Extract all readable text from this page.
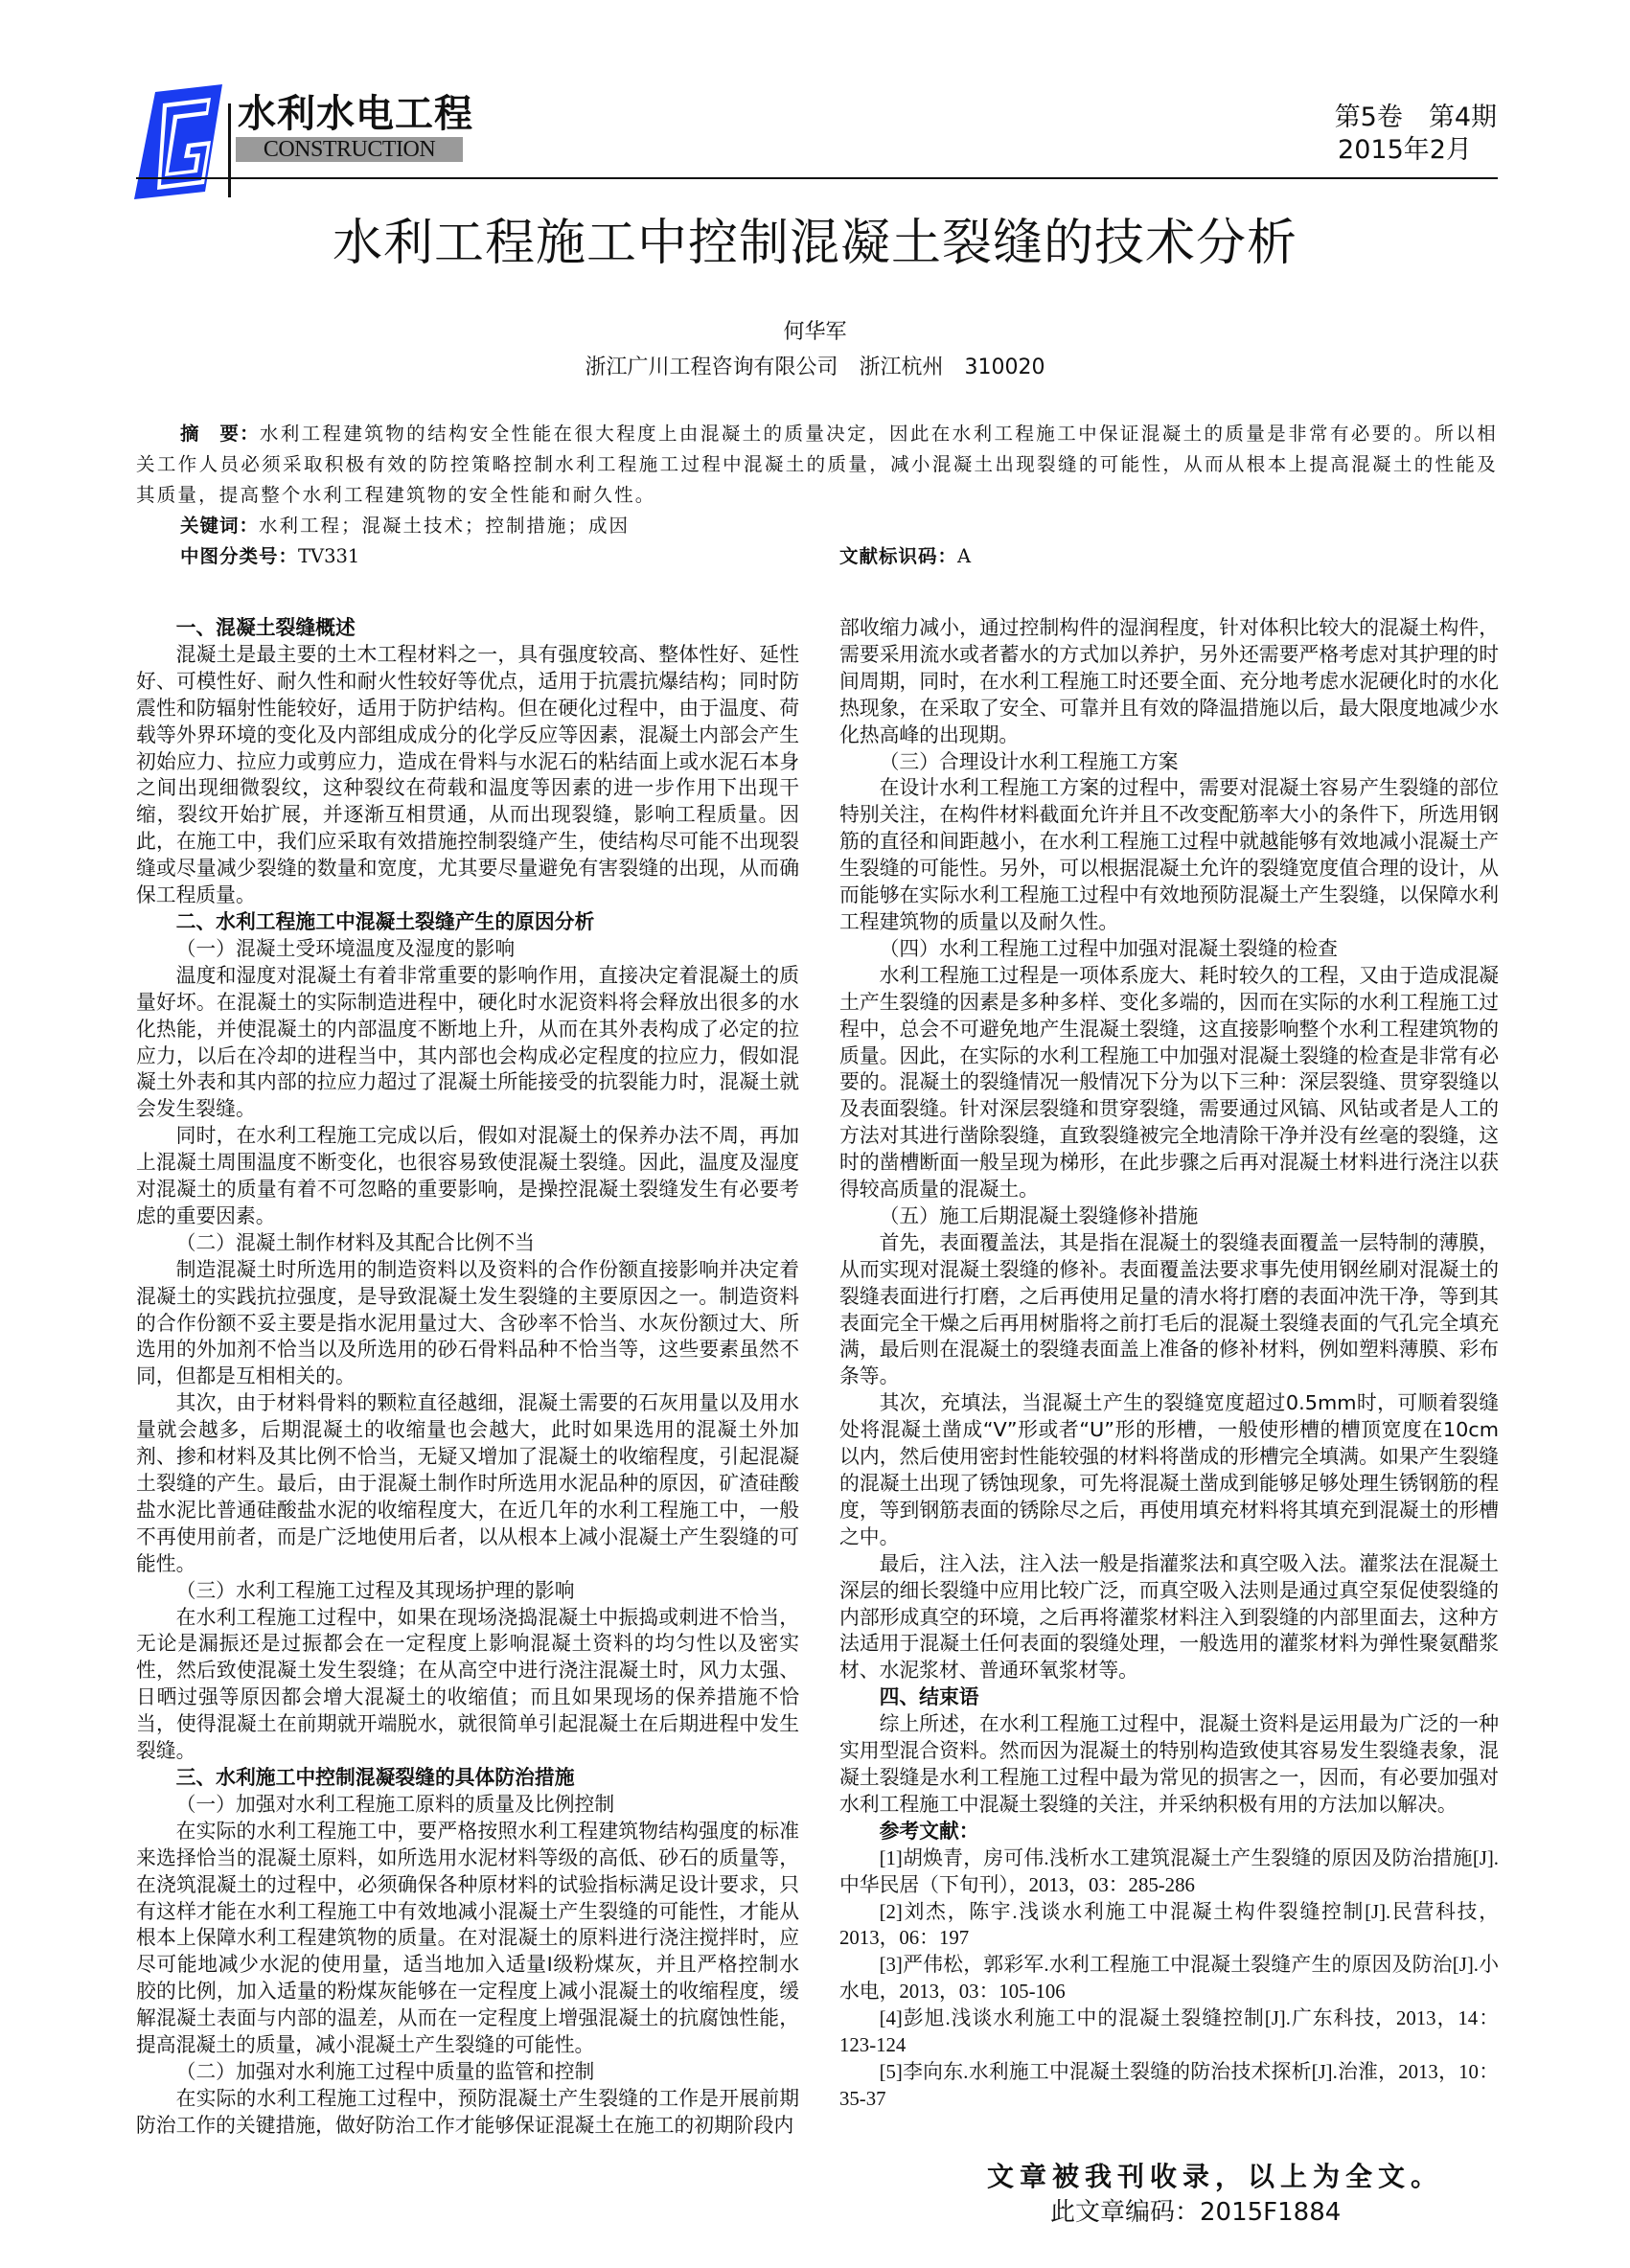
水利水电工程
CONSTRUCTION
第5卷　第4期
2015年2月
水利工程施工中控制混凝土裂缝的技术分析
何华军
浙江广川工程咨询有限公司　浙江杭州　310020
摘　要：水利工程建筑物的结构安全性能在很大程度上由混凝土的质量决定，因此在水利工程施工中保证混凝土的质量是非常有必要的。所以相关工作人员必须采取积极有效的防控策略控制水利工程施工过程中混凝土的质量，减小混凝土出现裂缝的可能性，从而从根本上提高混凝土的性能及其质量，提高整个水利工程建筑物的安全性能和耐久性。
关键词：水利工程；混凝土技术；控制措施；成因
中图分类号：TV331	文献标识码：A
一、混凝土裂缝概述
混凝土是最主要的土木工程材料之一，具有强度较高、整体性好、延性好、可模性好、耐久性和耐火性较好等优点，适用于抗震抗爆结构；同时防震性和防辐射性能较好，适用于防护结构。但在硬化过程中，由于温度、荷载等外界环境的变化及内部组成成分的化学反应等因素，混凝土内部会产生初始应力、拉应力或剪应力，造成在骨料与水泥石的粘结面上或水泥石本身之间出现细微裂纹，这种裂纹在荷载和温度等因素的进一步作用下出现干缩，裂纹开始扩展，并逐渐互相贯通，从而出现裂缝，影响工程质量。因此，在施工中，我们应采取有效措施控制裂缝产生，使结构尽可能不出现裂缝或尽量减少裂缝的数量和宽度，尤其要尽量避免有害裂缝的出现，从而确保工程质量。
二、水利工程施工中混凝土裂缝产生的原因分析
（一）混凝土受环境温度及湿度的影响
温度和湿度对混凝土有着非常重要的影响作用，直接决定着混凝土的质量好坏。在混凝土的实际制造进程中，硬化时水泥资料将会释放出很多的水化热能，并使混凝土的内部温度不断地上升，从而在其外表构成了必定的拉应力，以后在冷却的进程当中，其内部也会构成必定程度的拉应力，假如混凝土外表和其内部的拉应力超过了混凝土所能接受的抗裂能力时，混凝土就会发生裂缝。
同时，在水利工程施工完成以后，假如对混凝土的保养办法不周，再加上混凝土周围温度不断变化，也很容易致使混凝土裂缝。因此，温度及湿度对混凝土的质量有着不可忽略的重要影响，是操控混凝土裂缝发生有必要考虑的重要因素。
（二）混凝土制作材料及其配合比例不当
制造混凝土时所选用的制造资料以及资料的合作份额直接影响并决定着混凝土的实践抗拉强度，是导致混凝土发生裂缝的主要原因之一。制造资料的合作份额不妥主要是指水泥用量过大、含砂率不恰当、水灰份额过大、所选用的外加剂不恰当以及所选用的砂石骨料品种不恰当等，这些要素虽然不同，但都是互相相关的。
其次，由于材料骨料的颗粒直径越细，混凝土需要的石灰用量以及用水量就会越多，后期混凝土的收缩量也会越大，此时如果选用的混凝土外加剂、掺和材料及其比例不恰当，无疑又增加了混凝土的收缩程度，引起混凝土裂缝的产生。最后，由于混凝土制作时所选用水泥品种的原因，矿渣硅酸盐水泥比普通硅酸盐水泥的收缩程度大，在近几年的水利工程施工中，一般不再使用前者，而是广泛地使用后者，以从根本上减小混凝土产生裂缝的可能性。
（三）水利工程施工过程及其现场护理的影响
在水利工程施工过程中，如果在现场浇捣混凝土中振捣或刺进不恰当，无论是漏振还是过振都会在一定程度上影响混凝土资料的均匀性以及密实性，然后致使混凝土发生裂缝；在从高空中进行浇注混凝土时，风力太强、日晒过强等原因都会增大混凝土的收缩值；而且如果现场的保养措施不恰当，使得混凝土在前期就开端脱水，就很简单引起混凝土在后期进程中发生裂缝。
三、水利施工中控制混凝裂缝的具体防治措施
（一）加强对水利工程施工原料的质量及比例控制
在实际的水利工程施工中，要严格按照水利工程建筑物结构强度的标准来选择恰当的混凝土原料，如所选用水泥材料等级的高低、砂石的质量等，在浇筑混凝土的过程中，必须确保各种原材料的试验指标满足设计要求，只有这样才能在水利工程施工中有效地减小混凝土产生裂缝的可能性，才能从根本上保障水利工程建筑物的质量。在对混凝土的原料进行浇注搅拌时，应尽可能地减少水泥的使用量，适当地加入适量Ⅰ级粉煤灰，并且严格控制水胶的比例，加入适量的粉煤灰能够在一定程度上减小混凝土的收缩程度，缓解混凝土表面与内部的温差，从而在一定程度上增强混凝土的抗腐蚀性能，提高混凝土的质量，减小混凝土产生裂缝的可能性。
（二）加强对水利施工过程中质量的监管和控制
在实际的水利工程施工过程中，预防混凝土产生裂缝的工作是开展前期防治工作的关键措施，做好防治工作才能够保证混凝土在施工的初期阶段内
部收缩力减小，通过控制构件的湿润程度，针对体积比较大的混凝土构件，需要采用流水或者蓄水的方式加以养护，另外还需要严格考虑对其护理的时间周期，同时，在水利工程施工时还要全面、充分地考虑水泥硬化时的水化热现象，在采取了安全、可靠并且有效的降温措施以后，最大限度地减少水化热高峰的出现期。
（三）合理设计水利工程施工方案
在设计水利工程施工方案的过程中，需要对混凝土容易产生裂缝的部位特别关注，在构件材料截面允许并且不改变配筋率大小的条件下，所选用钢筋的直径和间距越小，在水利工程施工过程中就越能够有效地减小混凝土产生裂缝的可能性。另外，可以根据混凝土允许的裂缝宽度值合理的设计，从而能够在实际水利工程施工过程中有效地预防混凝土产生裂缝，以保障水利工程建筑物的质量以及耐久性。
（四）水利工程施工过程中加强对混凝土裂缝的检查
水利工程施工过程是一项体系庞大、耗时较久的工程，又由于造成混凝土产生裂缝的因素是多种多样、变化多端的，因而在实际的水利工程施工过程中，总会不可避免地产生混凝土裂缝，这直接影响整个水利工程建筑物的质量。因此，在实际的水利工程施工中加强对混凝土裂缝的检查是非常有必要的。混凝土的裂缝情况一般情况下分为以下三种：深层裂缝、贯穿裂缝以及表面裂缝。针对深层裂缝和贯穿裂缝，需要通过风镐、风钻或者是人工的方法对其进行凿除裂缝，直致裂缝被完全地清除干净并没有丝毫的裂缝，这时的凿槽断面一般呈现为梯形，在此步骤之后再对混凝土材料进行浇注以获得较高质量的混凝土。
（五）施工后期混凝土裂缝修补措施
首先，表面覆盖法，其是指在混凝土的裂缝表面覆盖一层特制的薄膜，从而实现对混凝土裂缝的修补。表面覆盖法要求事先使用钢丝刷对混凝土的裂缝表面进行打磨，之后再使用足量的清水将打磨的表面冲洗干净，等到其表面完全干燥之后再用树脂将之前打毛后的混凝土裂缝表面的气孔完全填充满，最后则在混凝土的裂缝表面盖上准备的修补材料，例如塑料薄膜、彩布条等。
其次，充填法，当混凝土产生的裂缝宽度超过0.5mm时，可顺着裂缝处将混凝土凿成“V”形或者“U”形的形槽，一般使形槽的槽顶宽度在10cm以内，然后使用密封性能较强的材料将凿成的形槽完全填满。如果产生裂缝的混凝土出现了锈蚀现象，可先将混凝土凿成到能够足够处理生锈钢筋的程度，等到钢筋表面的锈除尽之后，再使用填充材料将其填充到混凝土的形槽之中。
最后，注入法，注入法一般是指灌浆法和真空吸入法。灌浆法在混凝土深层的细长裂缝中应用比较广泛，而真空吸入法则是通过真空泵促使裂缝的内部形成真空的环境，之后再将灌浆材料注入到裂缝的内部里面去，这种方法适用于混凝土任何表面的裂缝处理，一般选用的灌浆材料为弹性聚氨醋浆材、水泥浆材、普通环氧浆材等。
四、结束语
综上所述，在水利工程施工过程中，混凝土资料是运用最为广泛的一种实用型混合资料。然而因为混凝土的特别构造致使其容易发生裂缝表象，混凝土裂缝是水利工程施工过程中最为常见的损害之一，因而，有必要加强对水利工程施工中混凝土裂缝的关注，并采纳积极有用的方法加以解决。
参考文献：
[1]胡焕青，房可伟.浅析水工建筑混凝土产生裂缝的原因及防治措施[J].中华民居（下旬刊），2013，03：285-286
[2]刘杰，陈宇.浅谈水利施工中混凝土构件裂缝控制[J].民营科技，2013，06：197
[3]严伟松，郭彩军.水利工程施工中混凝土裂缝产生的原因及防治[J].小水电，2013，03：105-106
[4]彭旭.浅谈水利施工中的混凝土裂缝控制[J].广东科技，2013，14：123-124
[5]李向东.水利施工中混凝土裂缝的防治技术探析[J].治淮，2013，10：35-37
文章被我刊收录，以上为全文。
此文章编码：2015F1884
